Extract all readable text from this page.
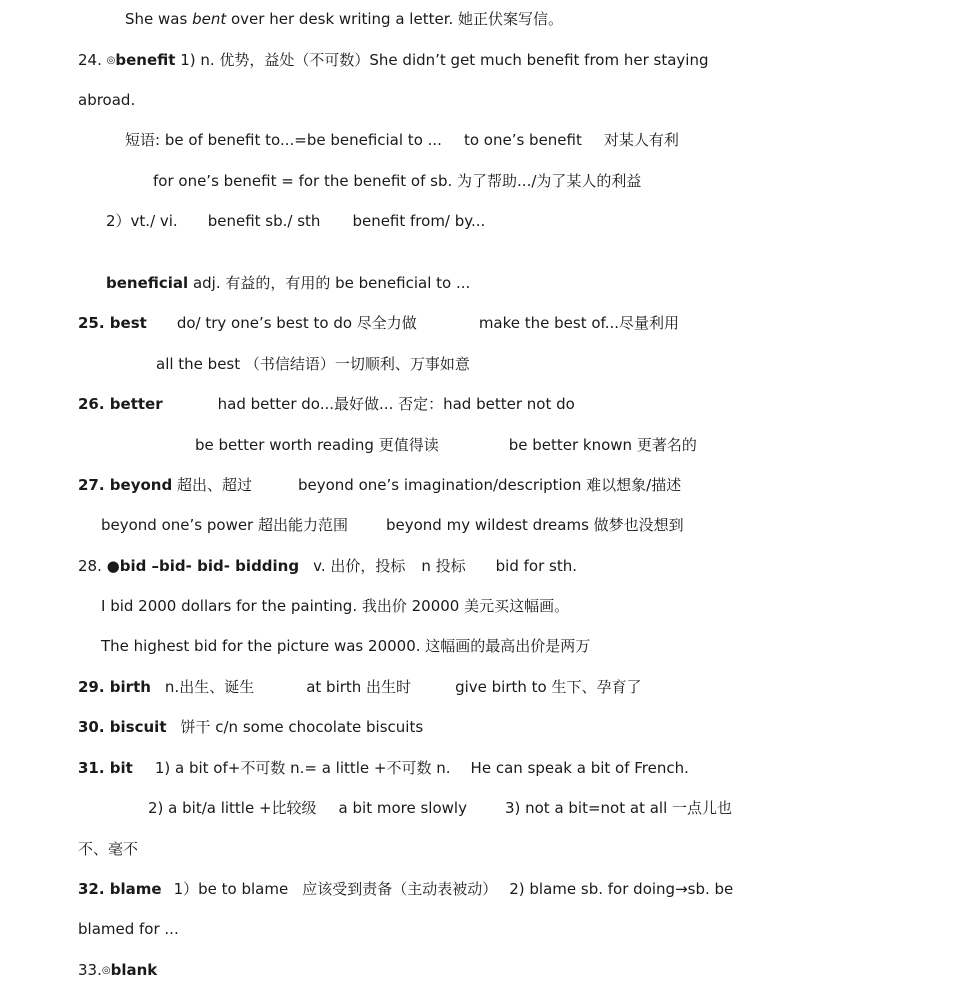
She was bent over her desk writing a letter. 她正伏案写信。
24. ◎benefit 1) n. 优势，益处（不可数）She didn’t get much benefit from her staying
abroad.
短语: be of benefit to...=be beneficial to ... to one’s benefit 对某人有利
for one’s benefit = for the benefit of sb. 为了帮助.../为了某人的利益
2）vt./ vi. benefit sb./ sth benefit from/ by...
beneficial adj. 有益的，有用的 be beneficial to ...
25. best do/ try one’s best to do 尽全力做	make the best of...尽量利用
all the best （书信结语）一切顺利、万事如意
26. better	had better do...最好做... 否定：had better not do
be better worth reading 更值得读	be better known 更著名的
27. beyond 超出、超过	beyond one’s imagination/description 难以想象/描述
beyond one’s power 超出能力范围	beyond my wildest dreams 做梦也没想到
28. ●bid –bid- bid- bidding v. 出价，投标 n 投标 bid for sth.
I bid 2000 dollars for the painting. 我出价 20000 美元买这幅画。
The highest bid for the picture was 20000. 这幅画的最高出价是两万
29. birth n.出生、诞生	at birth 出生时	give birth to 生下、孕育了
30. biscuit 饼干 c/n some chocolate biscuits
31. bit 1) a bit of+不可数 n.= a little +不可数 n. He can speak a bit of French.
2) a bit/a little +比较级 a bit more slowly	3) not a bit=not at all 一点儿也
不、毫不
32. blame 1）be to blame 应该受到责备（主动表被动） 2) blame sb. for doing→sb. be
blamed for ...
33.◎blank
